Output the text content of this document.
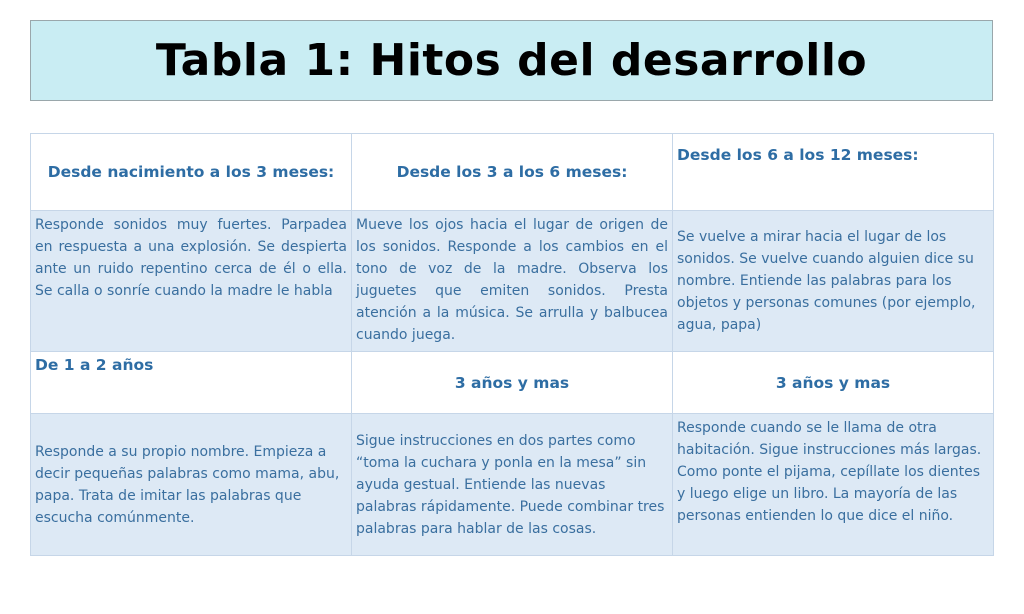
Tabla 1: Hitos del desarrollo
Desde nacimiento a los 3 meses:	Desde los 3 a los 6 meses:	Desde los 6 a los 12 meses:
Responde sonidos muy fuertes. Parpadea en respuesta a una explosión. Se despierta ante un ruido repentino cerca de él o ella. Se calla o sonríe cuando la madre le habla	Mueve los ojos hacia el lugar de origen de los sonidos. Responde a los cambios en el tono de voz de la madre. Observa los juguetes que emiten sonidos. Presta atención a la música. Se arrulla y balbucea cuando juega.	Se vuelve a mirar hacia el lugar de los sonidos. Se vuelve cuando alguien dice su nombre. Entiende las palabras para los objetos y personas comunes (por ejemplo, agua, papa)
De 1 a 2 años	3 años y mas	3 años y mas
Responde a su propio nombre. Empieza a decir pequeñas palabras como mama, abu, papa. Trata de imitar las palabras que escucha comúnmente.	Sigue instrucciones en dos partes como “toma la cuchara y ponla en la mesa” sin ayuda gestual. Entiende las nuevas palabras rápidamente. Puede combinar tres palabras para hablar de las cosas.	Responde cuando se le llama de otra habitación. Sigue instrucciones más largas. Como ponte el pijama, cepíllate los dientes y luego elige un libro. La mayoría de las personas entienden lo que dice el niño.
